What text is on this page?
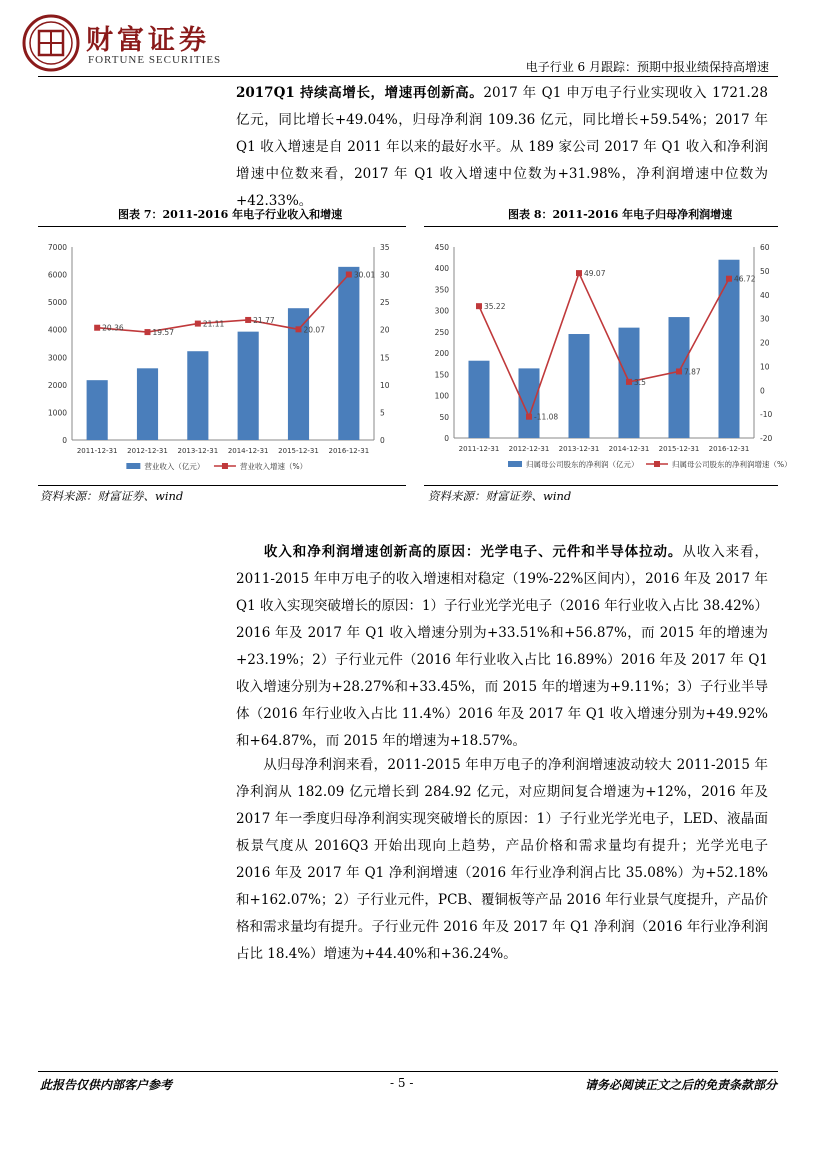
财富证券
FORTUNE SECURITIES	电子行业 6 月跟踪：预期中报业绩保持高增速
2017Q1 持续高增长，增速再创新高。2017 年 Q1 申万电子行业实现收入 1721.28 亿元，同比增长+49.04%，归母净利润 109.36 亿元，同比增长+59.54%；2017 年 Q1 收入增速是自 2011 年以来的最好水平。从 189 家公司 2017 年 Q1 收入和净利润增速中位数来看，2017 年 Q1 收入增速中位数为+31.98%，净利润增速中位数为+42.33%。
图表 7：2011-2016 年电子行业收入和增速	图表 8：2011-2016 年电子归母净利润增速
0
1000
2000
3000
4000
5000
6000
7000
0
5
10
15
20
25
30
35
2011-12-31 2012-12-31 2013-12-31 2014-12-31 2015-12-31 2016-12-31
20.36	19.57
21.11	21.77
20.07
30.01
营业收入（亿元）	营业收入增速（%）
0
50
100
150
200
250
300
350
400
450
-20
-10
0
10
20
30
40
50
60
2011-12-31 2012-12-31 2013-12-31 2014-12-31 2015-12-31 2016-12-31
35.22
-11.08
49.07
3.5
7.87
46.72
归属母公司股东的净利润（亿元）	归属母公司股东的净利润增速（%）
资料来源：财富证券、wind	资料来源：财富证券、wind
收入和净利润增速创新高的原因：光学电子、元件和半导体拉动。从收入来看，2011-2015 年申万电子的收入增速相对稳定（19%-22%区间内），2016 年及 2017 年 Q1 收入实现突破增长的原因：1）子行业光学光电子（2016 年行业收入占比 38.42%）2016 年及 2017 年 Q1 收入增速分别为+33.51%和+56.87%，而 2015 年的增速为+23.19%；2）子行业元件（2016 年行业收入占比 16.89%）2016 年及 2017 年 Q1 收入增速分别为+28.27%和+33.45%，而 2015 年的增速为+9.11%；3）子行业半导体（2016 年行业收入占比 11.4%）2016 年及 2017 年 Q1 收入增速分别为+49.92%和+64.87%，而 2015 年的增速为+18.57%。
从归母净利润来看，2011-2015 年申万电子的净利润增速波动较大 2011-2015 年净利润从 182.09 亿元增长到 284.92 亿元，对应期间复合增速为+12%，2016 年及 2017 年一季度归母净利润实现突破增长的原因：1）子行业光学光电子，LED、液晶面板景气度从 2016Q3 开始出现向上趋势，产品价格和需求量均有提升；光学光电子 2016 年及 2017 年 Q1 净利润增速（2016 年行业净利润占比 35.08%）为+52.18%和+162.07%；2）子行业元件，PCB、覆铜板等产品 2016 年行业景气度提升，产品价格和需求量均有提升。子行业元件 2016 年及 2017 年 Q1 净利润（2016 年行业净利润占比 18.4%）增速为+44.40%和+36.24%。
此报告仅供内部客户参考	- 5 -	请务必阅读正文之后的免责条款部分
